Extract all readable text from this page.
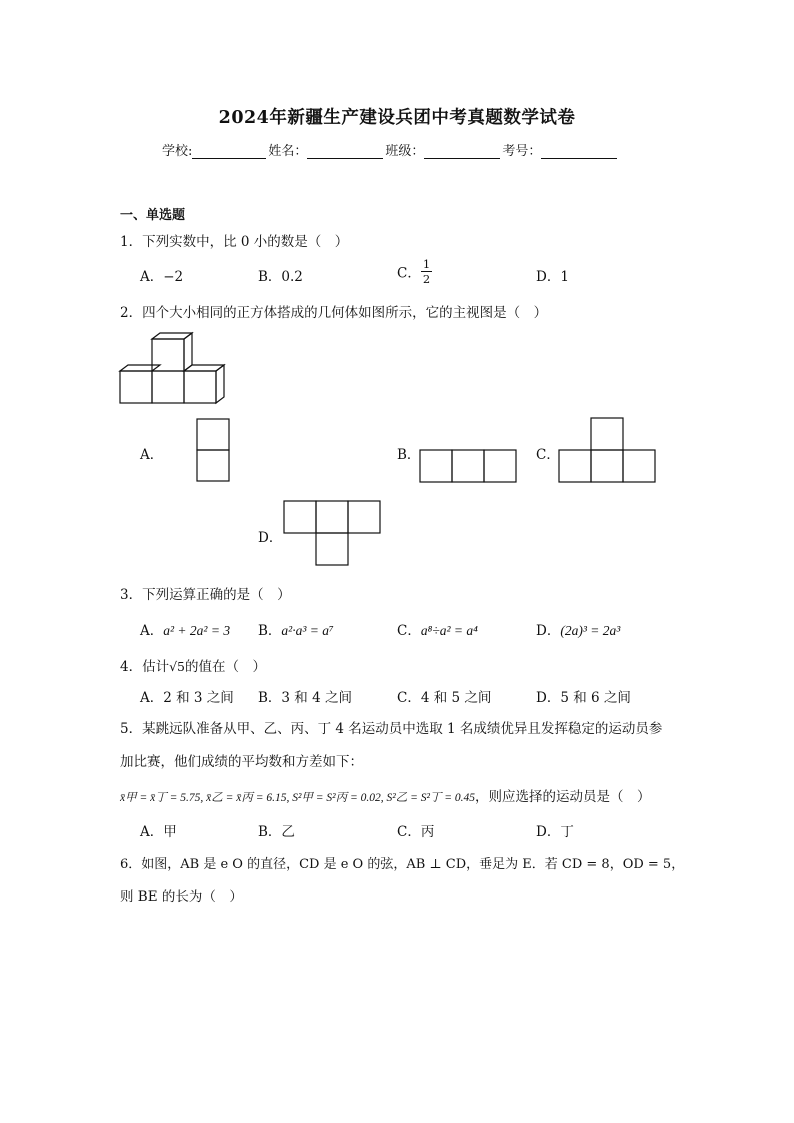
2024年新疆生产建设兵团中考真题数学试卷
学校:	姓名：	班级：	考号：
一、单选题
1．下列实数中，比 0 小的数是（　）
A．−2	B．0.2	C． $\frac{1}{2}$	D．1
2．四个大小相同的正方体搭成的几何体如图所示，它的主视图是（　）
A．	B．	C．
D．
3．下列运算正确的是（　）
A．a² + 2a² = 3 B．a²·a³ = a⁷	C．a⁸÷a² = a⁴	D．(2a)³ = 2a³
4．估计√5的值在（　）
A．2 和 3 之间 B．3 和 4 之间	C．4 和 5 之间	D．5 和 6 之间
5．某跳远队准备从甲、乙、丙、丁 4 名运动员中选取 1 名成绩优异且发挥稳定的运动员参
加比赛，他们成绩的平均数和方差如下：
x̄甲 = x̄丁 = 5.75, x̄乙 = x̄丙 = 6.15, S²甲 = S²丙 = 0.02, S²乙 = S²丁 = 0.45，则应选择的运动员是（　）
A．甲	B．乙	C．丙	D．丁
6．如图，AB 是 e O 的直径，CD 是 e O 的弦，AB ⊥ CD，垂足为 E．若 CD = 8，OD = 5，
则 BE 的长为（　）
